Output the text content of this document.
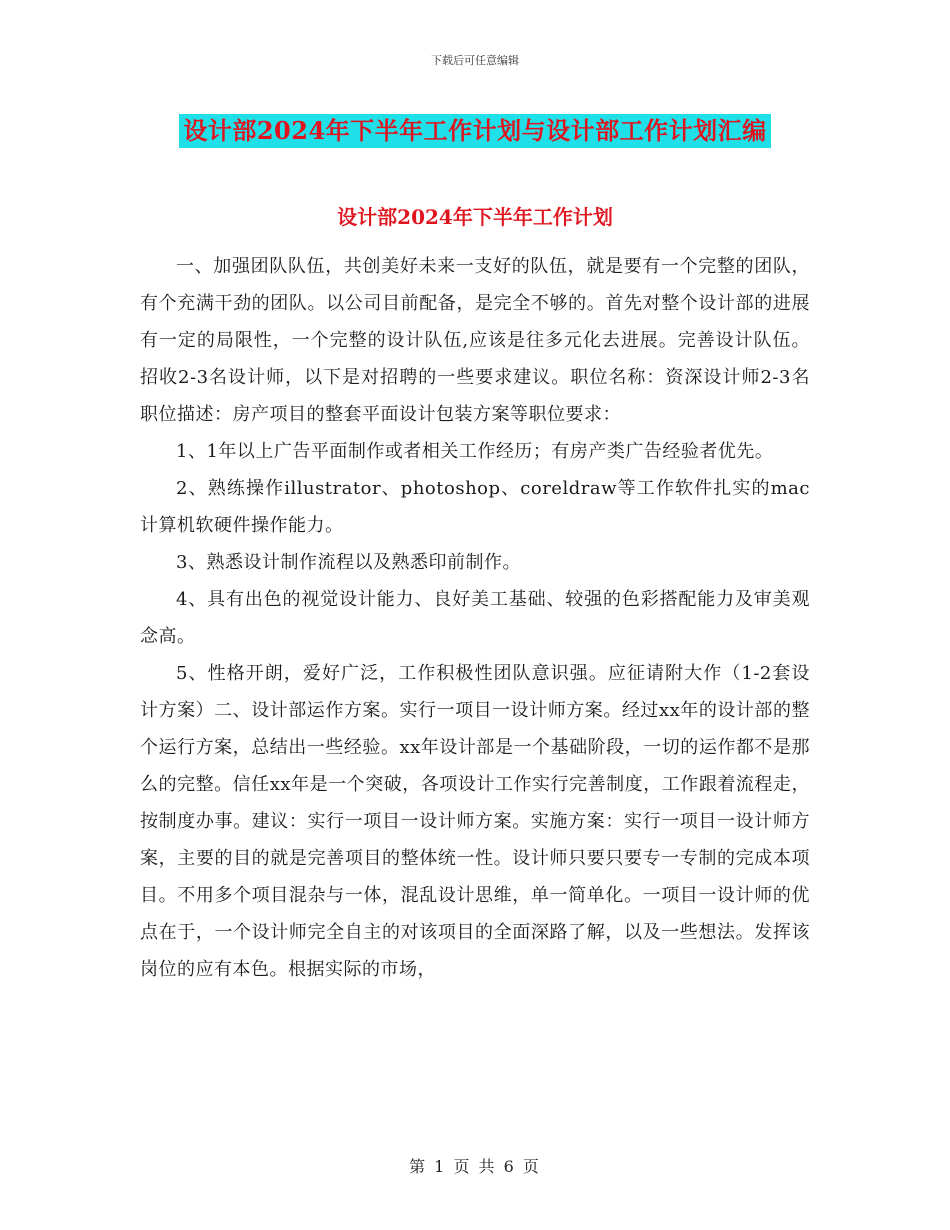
下载后可任意编辑
设计部2024年下半年工作计划与设计部工作计划汇编
设计部2024年下半年工作计划

一、加强团队队伍，共创美好未来一支好的队伍，就是要有一个完整的团队，有个充满干劲的团队。以公司目前配备，是完全不够的。首先对整个设计部的进展有一定的局限性，一个完整的设计队伍,应该是往多元化去进展。完善设计队伍。招收2-3名设计师，以下是对招聘的一些要求建议。职位名称：资深设计师2-3名职位描述：房产项目的整套平面设计包装方案等职位要求：

1、1年以上广告平面制作或者相关工作经历；有房产类广告经验者优先。

2、熟练操作illustrator、photoshop、coreldraw等工作软件扎实的mac计算机软硬件操作能力。

3、熟悉设计制作流程以及熟悉印前制作。

4、具有出色的视觉设计能力、良好美工基础、较强的色彩搭配能力及审美观念高。

5、性格开朗，爱好广泛，工作积极性团队意识强。应征请附大作（1-2套设计方案）二、设计部运作方案。实行一项目一设计师方案。经过xx年的设计部的整个运行方案，总结出一些经验。xx年设计部是一个基础阶段，一切的运作都不是那么的完整。信任xx年是一个突破，各项设计工作实行完善制度，工作跟着流程走，按制度办事。建议：实行一项目一设计师方案。实施方案：实行一项目一设计师方案，主要的目的就是完善项目的整体统一性。设计师只要只要专一专制的完成本项目。不用多个项目混杂与一体，混乱设计思维，单一简单化。一项目一设计师的优点在于，一个设计师完全自主的对该项目的全面深路了解，以及一些想法。发挥该岗位的应有本色。根据实际的市场，

第 1 页 共 6 页
